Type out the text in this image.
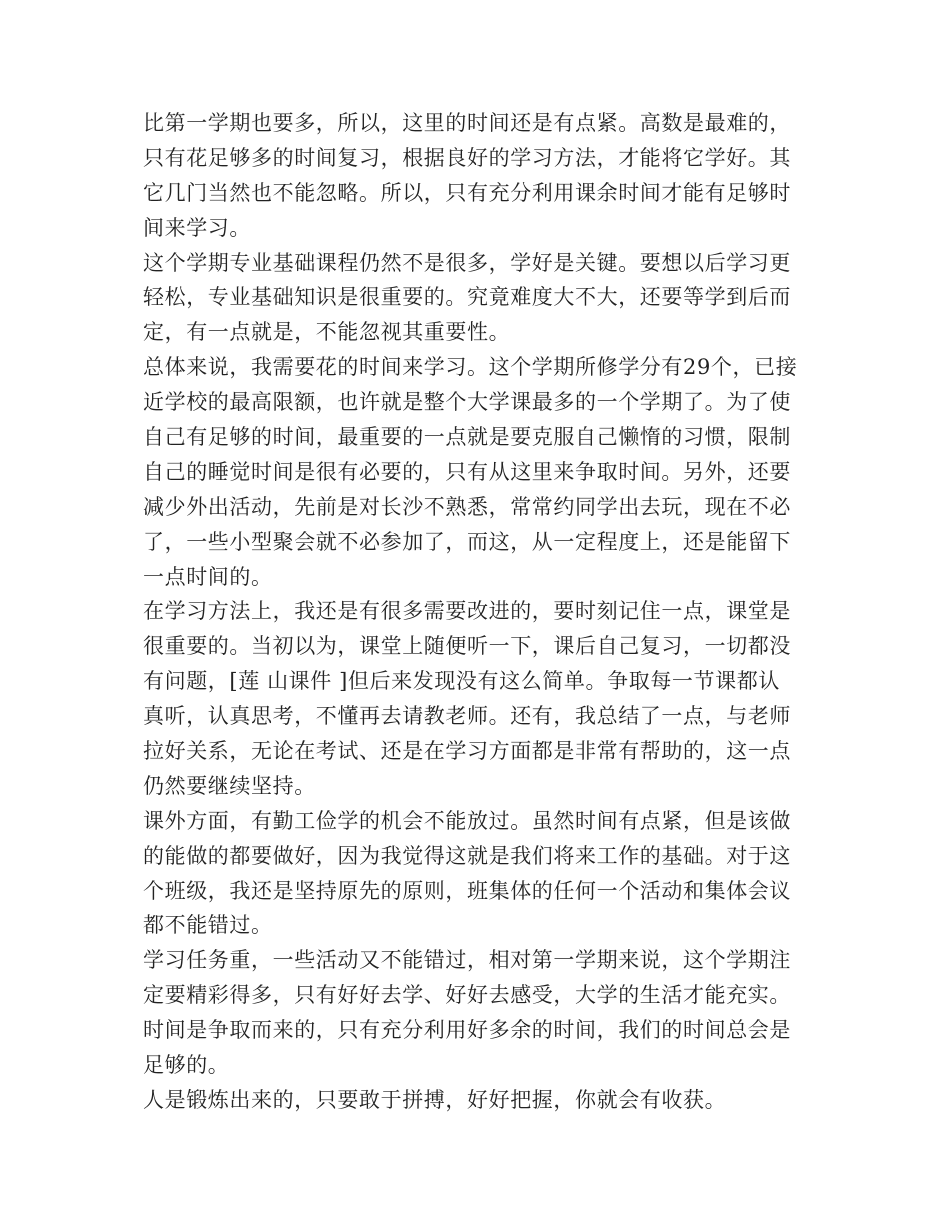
比第一学期也要多，所以，这里的时间还是有点紧。高数是最难的，
只有花足够多的时间复习，根据良好的学习方法，才能将它学好。其
它几门当然也不能忽略。所以，只有充分利用课余时间才能有足够时
间来学习。
这个学期专业基础课程仍然不是很多，学好是关键。要想以后学习更
轻松，专业基础知识是很重要的。究竟难度大不大，还要等学到后而
定，有一点就是，不能忽视其重要性。
总体来说，我需要花的时间来学习。这个学期所修学分有29个，已接
近学校的最高限额，也许就是整个大学课最多的一个学期了。为了使
自己有足够的时间，最重要的一点就是要克服自己懒惰的习惯，限制
自己的睡觉时间是很有必要的，只有从这里来争取时间。另外，还要
减少外出活动，先前是对长沙不熟悉，常常约同学出去玩，现在不必
了，一些小型聚会就不必参加了，而这，从一定程度上，还是能留下
一点时间的。
在学习方法上，我还是有很多需要改进的，要时刻记住一点，课堂是
很重要的。当初以为，课堂上随便听一下，课后自己复习，一切都没
有问题，[莲 山课件 ]但后来发现没有这么简单。争取每一节课都认
真听，认真思考，不懂再去请教老师。还有，我总结了一点，与老师
拉好关系，无论在考试、还是在学习方面都是非常有帮助的，这一点
仍然要继续坚持。
课外方面，有勤工俭学的机会不能放过。虽然时间有点紧，但是该做
的能做的都要做好，因为我觉得这就是我们将来工作的基础。对于这
个班级，我还是坚持原先的原则，班集体的任何一个活动和集体会议
都不能错过。
学习任务重，一些活动又不能错过，相对第一学期来说，这个学期注
定要精彩得多，只有好好去学、好好去感受，大学的生活才能充实。
时间是争取而来的，只有充分利用好多余的时间，我们的时间总会是
足够的。
人是锻炼出来的，只要敢于拼搏，好好把握，你就会有收获。
